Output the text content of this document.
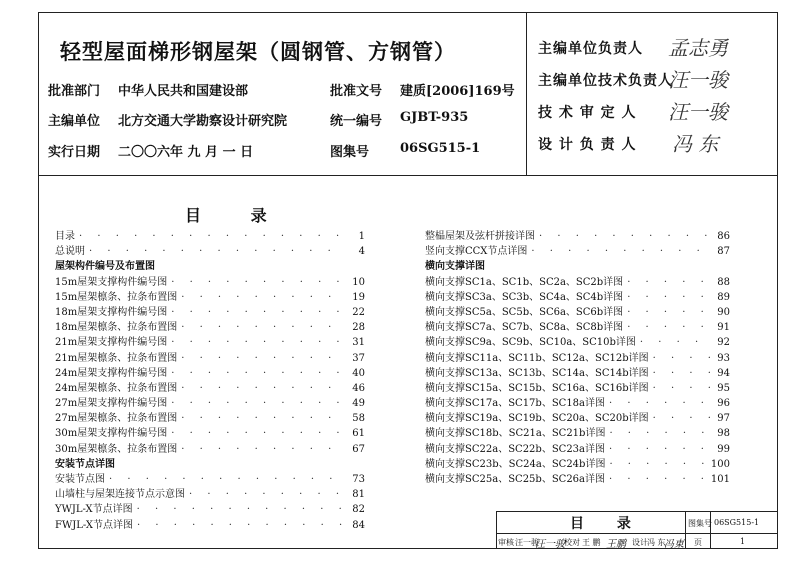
轻型屋面梯形钢屋架（圆钢管、方钢管）
批准部门 中华人民共和国建设部	批准文号 建质[2006]169号
主编单位 北方交通大学勘察设计研究院	统一编号 GJBT-935
实行日期 二〇〇六年 九 月 一 日	图集号 06SG515-1
主编单位负责人 孟志勇
主编单位技术负责人
汪一骏
技 术 审 定 人 汪一骏
设 计 负 责 人 冯 东
目 录
目录 · · ·	1
总说明 · · ·	4
屋架构件编号及布置图
15m屋架支撑构件编号图 · · ·	10
15m屋架檩条、拉条布置图 · · ·	19
18m屋架支撑构件编号图 · · ·	22
18m屋架檩条、拉条布置图 · · ·	28
21m屋架支撑构件编号图 · · ·	31
21m屋架檩条、拉条布置图 · · ·	37
24m屋架支撑构件编号图 · · ·	40
24m屋架檩条、拉条布置图 · · ·	46
27m屋架支撑构件编号图 · · ·	49
27m屋架檩条、拉条布置图 · · ·	58
30m屋架支撑构件编号图 · · ·	61
30m屋架檩条、拉条布置图 · · ·	67
安装节点详图
安装节点图 · · ·	73
山墙柱与屋架连接节点示意图 · · ·	81
YWJL-X节点详图 · · ·	82
FWJL-X节点详图 · · ·	84
整榀屋架及弦杆拼接详图 · · ·	86
竖向支撑CCX节点详图 · · ·	87
横向支撑详图
横向支撑SC1a、SC1b、SC2a、SC2b详图 · · ·	88
横向支撑SC3a、SC3b、SC4a、SC4b详图 · · ·	89
横向支撑SC5a、SC5b、SC6a、SC6b详图 · · ·	90
横向支撑SC7a、SC7b、SC8a、SC8b详图 · · ·	91
横向支撑SC9a、SC9b、SC10a、SC10b详图 · · ·	92
横向支撑SC11a、SC11b、SC12a、SC12b详图 · · ·	93
横向支撑SC13a、SC13b、SC14a、SC14b详图 · · ·	94
横向支撑SC15a、SC15b、SC16a、SC16b详图 · · ·	95
横向支撑SC17a、SC17b、SC18a详图 · · ·	96
横向支撑SC19a、SC19b、SC20a、SC20b详图 · · ·	97
横向支撑SC18b、SC21a、SC21b详图 · · ·	98
横向支撑SC22a、SC22b、SC23a详图 · · ·	99
横向支撑SC23b、SC24a、SC24b详图 · · ·	100
横向支撑SC25a、SC25b、SC26a详图 · · ·	101
目 录	图集号 06SG515-1
审核 汪一骏
汪一骏 校对 王 鹏 王鹏 设计 冯 东
冯東 页	1
